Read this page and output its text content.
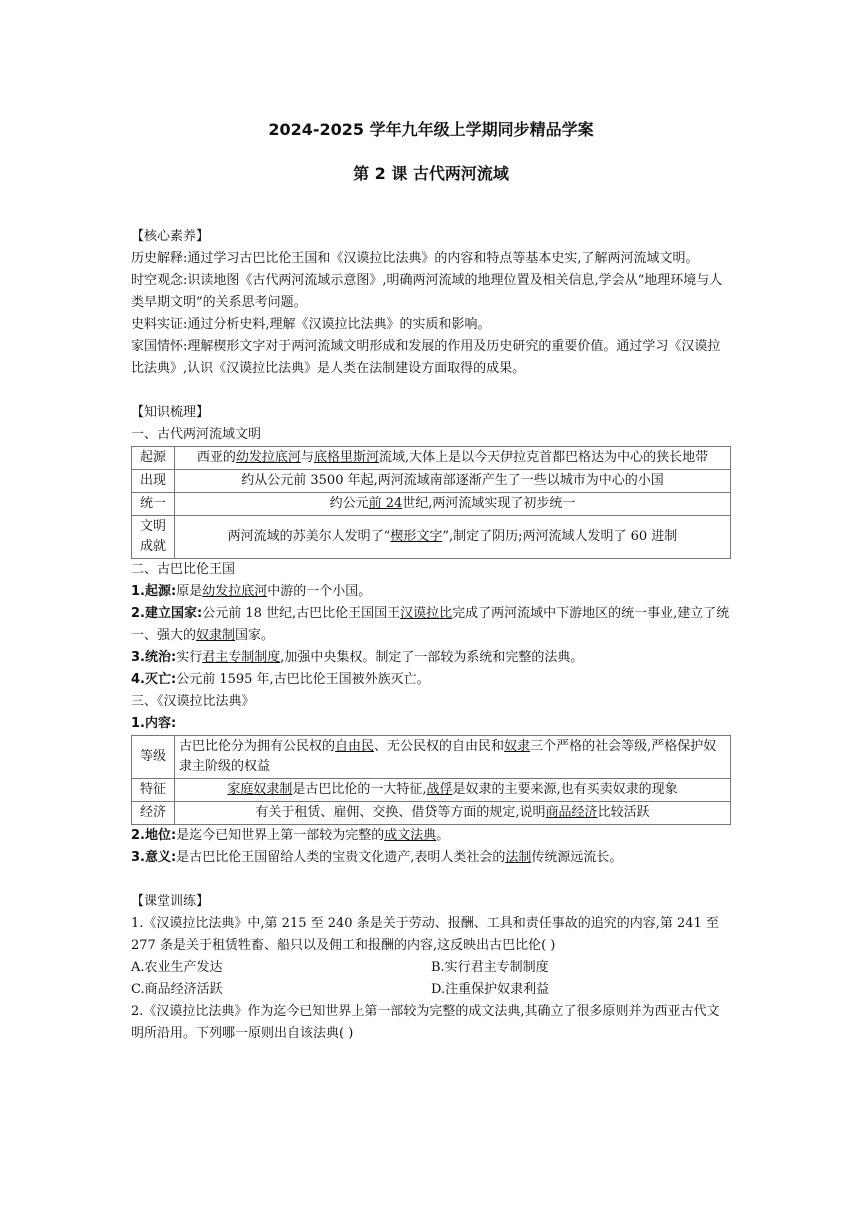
2024-2025 学年九年级上学期同步精品学案

第 2 课 古代两河流域

【核心素养】

历史解释:通过学习古巴比伦王国和《汉谟拉比法典》的内容和特点等基本史实,了解两河流域文明。

时空观念:识读地图《古代两河流域示意图》,明确两河流域的地理位置及相关信息,学会从“地理环境与人类早期文明”的关系思考问题。

史料实证:通过分析史料,理解《汉谟拉比法典》的实质和影响。

家国情怀:理解楔形文字对于两河流域文明形成和发展的作用及历史研究的重要价值。通过学习《汉谟拉比法典》,认识《汉谟拉比法典》是人类在法制建设方面取得的成果。

【知识梳理】

一、古代两河流域文明

起源	西亚的幼发拉底河与底格里斯河流域,大体上是以今天伊拉克首都巴格达为中心的狭长地带
出现	约从公元前 3500 年起,两河流域南部逐渐产生了一些以城市为中心的小国
统一	约公元前 24世纪,两河流域实现了初步统一
文明成就	两河流域的苏美尔人发明了“楔形文字”,制定了阴历;两河流域人发明了 60 进制

二、古巴比伦王国

1.起源:原是幼发拉底河中游的一个小国。

2.建立国家:公元前 18 世纪,古巴比伦王国国王汉谟拉比完成了两河流域中下游地区的统一事业,建立了统一、强大的奴隶制国家。

3.统治:实行君主专制制度,加强中央集权。制定了一部较为系统和完整的法典。

4.灭亡:公元前 1595 年,古巴比伦王国被外族灭亡。

三、《汉谟拉比法典》

1.内容:

等级	古巴比伦分为拥有公民权的自由民、无公民权的自由民和奴隶三个严格的社会等级,严格保护奴隶主阶级的权益
特征	家庭奴隶制是古巴比伦的一大特征,战俘是奴隶的主要来源,也有买卖奴隶的现象
经济	有关于租赁、雇佣、交换、借贷等方面的规定,说明商品经济比较活跃

2.地位:是迄今已知世界上第一部较为完整的成文法典。

3.意义:是古巴比伦王国留给人类的宝贵文化遗产,表明人类社会的法制传统源远流长。

【课堂训练】

1.《汉谟拉比法典》中,第 215 至 240 条是关于劳动、报酬、工具和责任事故的追究的内容,第 241 至 277 条是关于租赁牲畜、船只以及佣工和报酬的内容,这反映出古巴比伦( )

A.农业生产发达	B.实行君主专制制度
C.商品经济活跃	D.注重保护奴隶利益

2.《汉谟拉比法典》作为迄今已知世界上第一部较为完整的成文法典,其确立了很多原则并为西亚古代文明所沿用。下列哪一原则出自该法典( )
